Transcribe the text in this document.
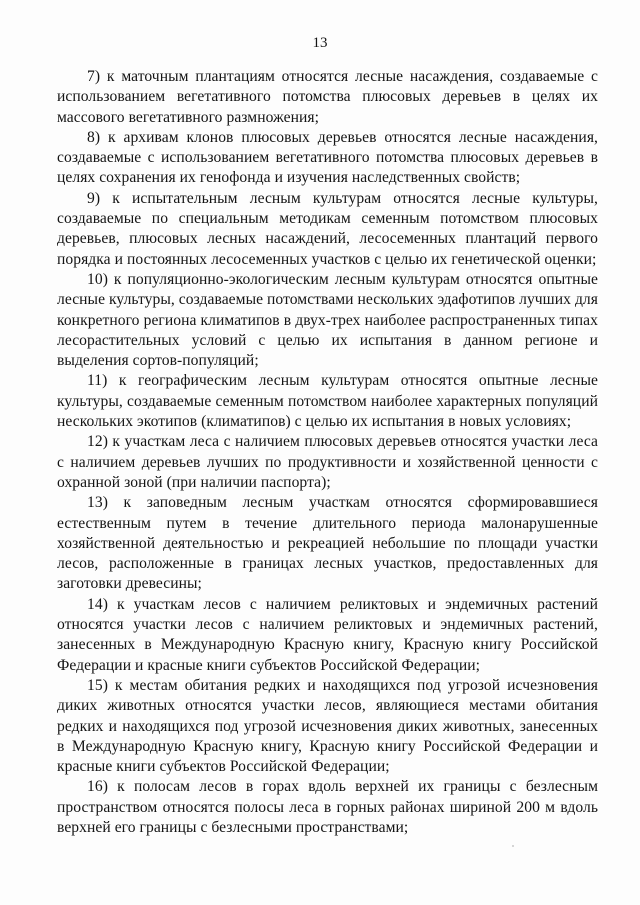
13

7) к маточным плантациям относятся лесные насаждения, создаваемые с использованием вегетативного потомства плюсовых деревьев в целях их массового вегетативного размножения;

8) к архивам клонов плюсовых деревьев относятся лесные насаждения, создаваемые с использованием вегетативного потомства плюсовых деревьев в целях сохранения их генофонда и изучения наследственных свойств;

9) к испытательным лесным культурам относятся лесные культуры, создаваемые по специальным методикам семенным потомством плюсовых деревьев, плюсовых лесных насаждений, лесосеменных плантаций первого порядка и постоянных лесосеменных участков с целью их генетической оценки;

10) к популяционно-экологическим лесным культурам относятся опытные лесные культуры, создаваемые потомствами нескольких эдафотипов лучших для конкретного региона климатипов в двух-трех наиболее распространенных типах лесорастительных условий с целью их испытания в данном регионе и выделения сортов-популяций;

11) к географическим лесным культурам относятся опытные лесные культуры, создаваемые семенным потомством наиболее характерных популяций нескольких экотипов (климатипов) с целью их испытания в новых условиях;

12) к участкам леса с наличием плюсовых деревьев относятся участки леса с наличием деревьев лучших по продуктивности и хозяйственной ценности с охранной зоной (при наличии паспорта);

13) к заповедным лесным участкам относятся сформировавшиеся естественным путем в течение длительного периода малонарушенные хозяйственной деятельностью и рекреацией небольшие по площади участки лесов, расположенные в границах лесных участков, предоставленных для заготовки древесины;

14) к участкам лесов с наличием реликтовых и эндемичных растений относятся участки лесов с наличием реликтовых и эндемичных растений, занесенных в Международную Красную книгу, Красную книгу Российской Федерации и красные книги субъектов Российской Федерации;

15) к местам обитания редких и находящихся под угрозой исчезновения диких животных относятся участки лесов, являющиеся местами обитания редких и находящихся под угрозой исчезновения диких животных, занесенных в Международную Красную книгу, Красную книгу Российской Федерации и красные книги субъектов Российской Федерации;

16) к полосам лесов в горах вдоль верхней их границы с безлесным пространством относятся полосы леса в горных районах шириной 200 м вдоль верхней его границы с безлесными пространствами;
